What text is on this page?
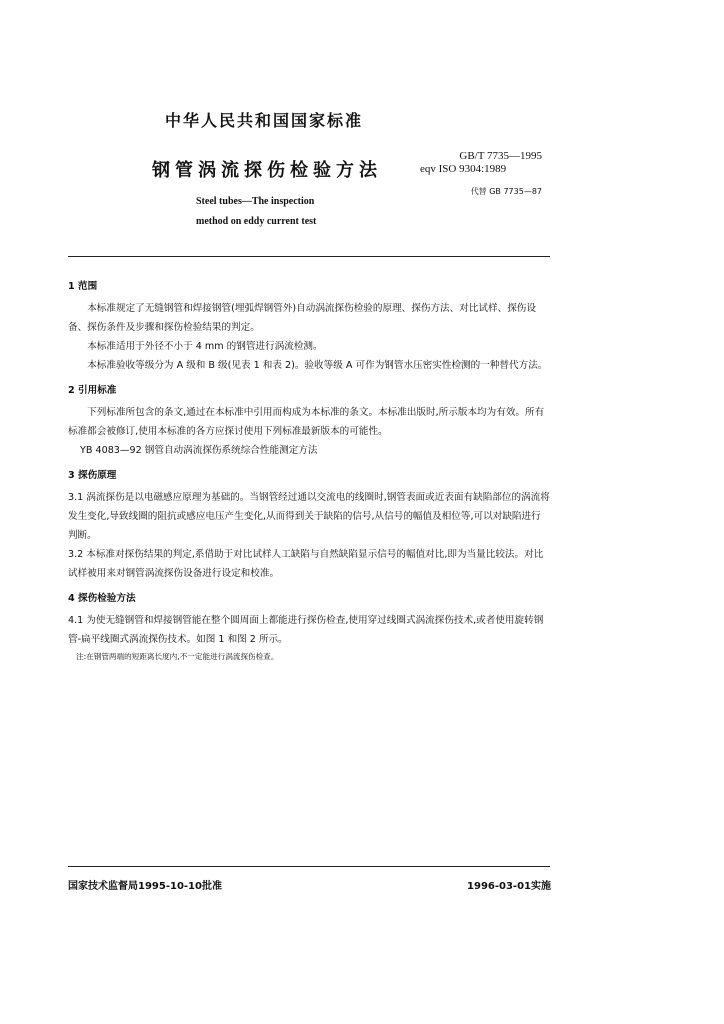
中华人民共和国国家标准
钢管涡流探伤检验方法
GB/T 7735—1995
eqv ISO 9304:1989
代替 GB 7735—87
Steel tubes—The inspection
method on eddy current test
1 范围

本标准规定了无缝钢管和焊接钢管(埋弧焊钢管外)自动涡流探伤检验的原理、探伤方法、对比试样、探伤设备、探伤条件及步骤和探伤检验结果的判定。

本标准适用于外径不小于 4 mm 的钢管进行涡流检测。

本标准验收等级分为 A 级和 B 级(见表 1 和表 2)。验收等级 A 可作为钢管水压密实性检测的一种替代方法。

2 引用标准

下列标准所包含的条文,通过在本标准中引用而构成为本标准的条文。本标准出版时,所示版本均为有效。所有标准都会被修订,使用本标准的各方应探讨使用下列标准最新版本的可能性。

YB 4083—92 钢管自动涡流探伤系统综合性能测定方法

3 探伤原理

3.1 涡流探伤是以电磁感应原理为基础的。当钢管经过通以交流电的线圈时,钢管表面或近表面有缺陷部位的涡流将发生变化,导致线圈的阻抗或感应电压产生变化,从而得到关于缺陷的信号,从信号的幅值及相位等,可以对缺陷进行判断。

3.2 本标准对探伤结果的判定,系借助于对比试样人工缺陷与自然缺陷显示信号的幅值对比,即为当量比较法。对比试样被用来对钢管涡流探伤设备进行设定和校准。

4 探伤检验方法

4.1 为使无缝钢管和焊接钢管能在整个圆周面上都能进行探伤检查,使用穿过线圈式涡流探伤技术,或者使用旋转钢管-扁平线圈式涡流探伤技术。如图 1 和图 2 所示。

注:在钢管两端的短距离长度内,不一定能进行涡流探伤检查。

国家技术监督局1995-10-10批准	1996-03-01实施
